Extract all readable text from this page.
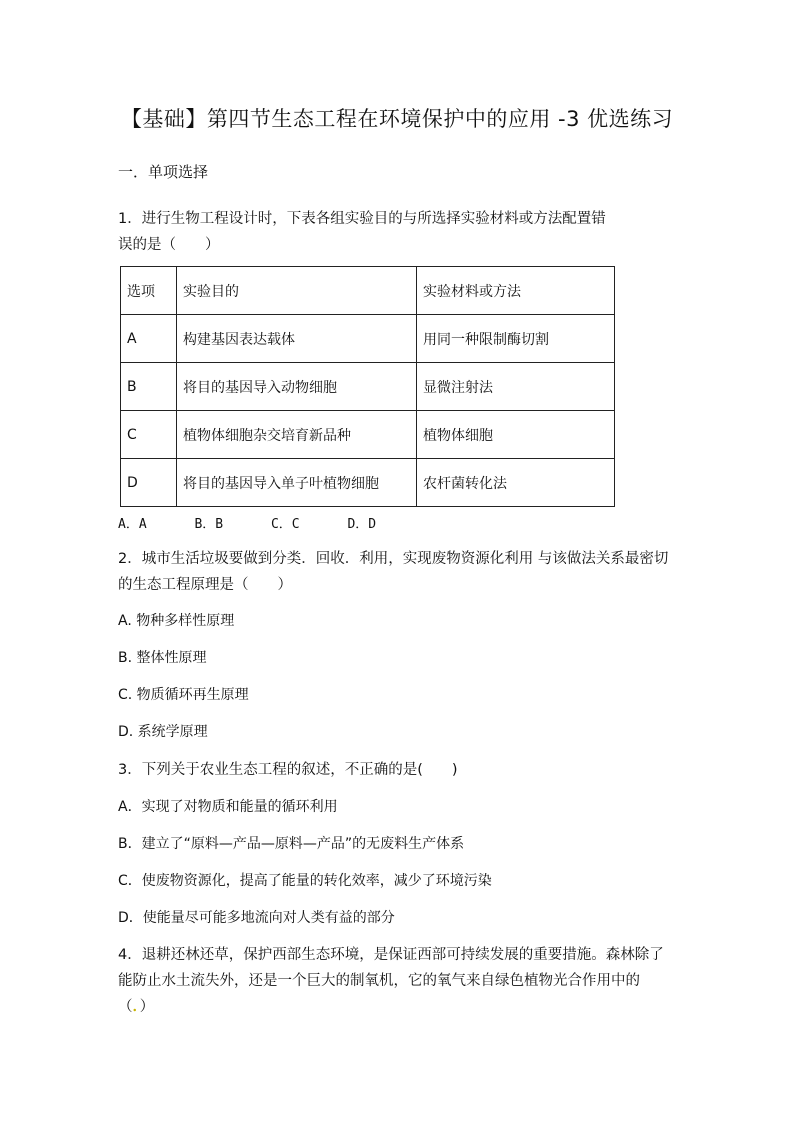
【基础】第四节生态工程在环境保护中的应用 -3 优选练习
一．单项选择
1．进行生物工程设计时，下表各组实验目的与所选择实验材料或方法配置错
误的是（　　）
选项	实验目的	实验材料或方法
A	构建基因表达载体	用同一种限制酶切割
B	将目的基因导入动物细胞	显微注射法
C	植物体细胞杂交培育新品种	植物体细胞
D	将目的基因导入单子叶植物细胞	农杆菌转化法
A．A	B．B	C．C	D．D
2．城市生活垃圾要做到分类．回收．利用，实现废物资源化利用 与该做法关系最密切
的生态工程原理是（　　）
A. 物种多样性原理
B. 整体性原理
C. 物质循环再生原理
D. 系统学原理
3．下列关于农业生态工程的叙述，不正确的是(　　)
A．实现了对物质和能量的循环利用
B．建立了“原料—产品—原料—产品”的无废料生产体系
C．使废物资源化，提高了能量的转化效率，减少了环境污染
D．使能量尽可能多地流向对人类有益的部分
4．退耕还林还草，保护西部生态环境，是保证西部可持续发展的重要措施。森林除了
能防止水土流失外，还是一个巨大的制氧机，它的氧气来自绿色植物光合作用中的
（．）
